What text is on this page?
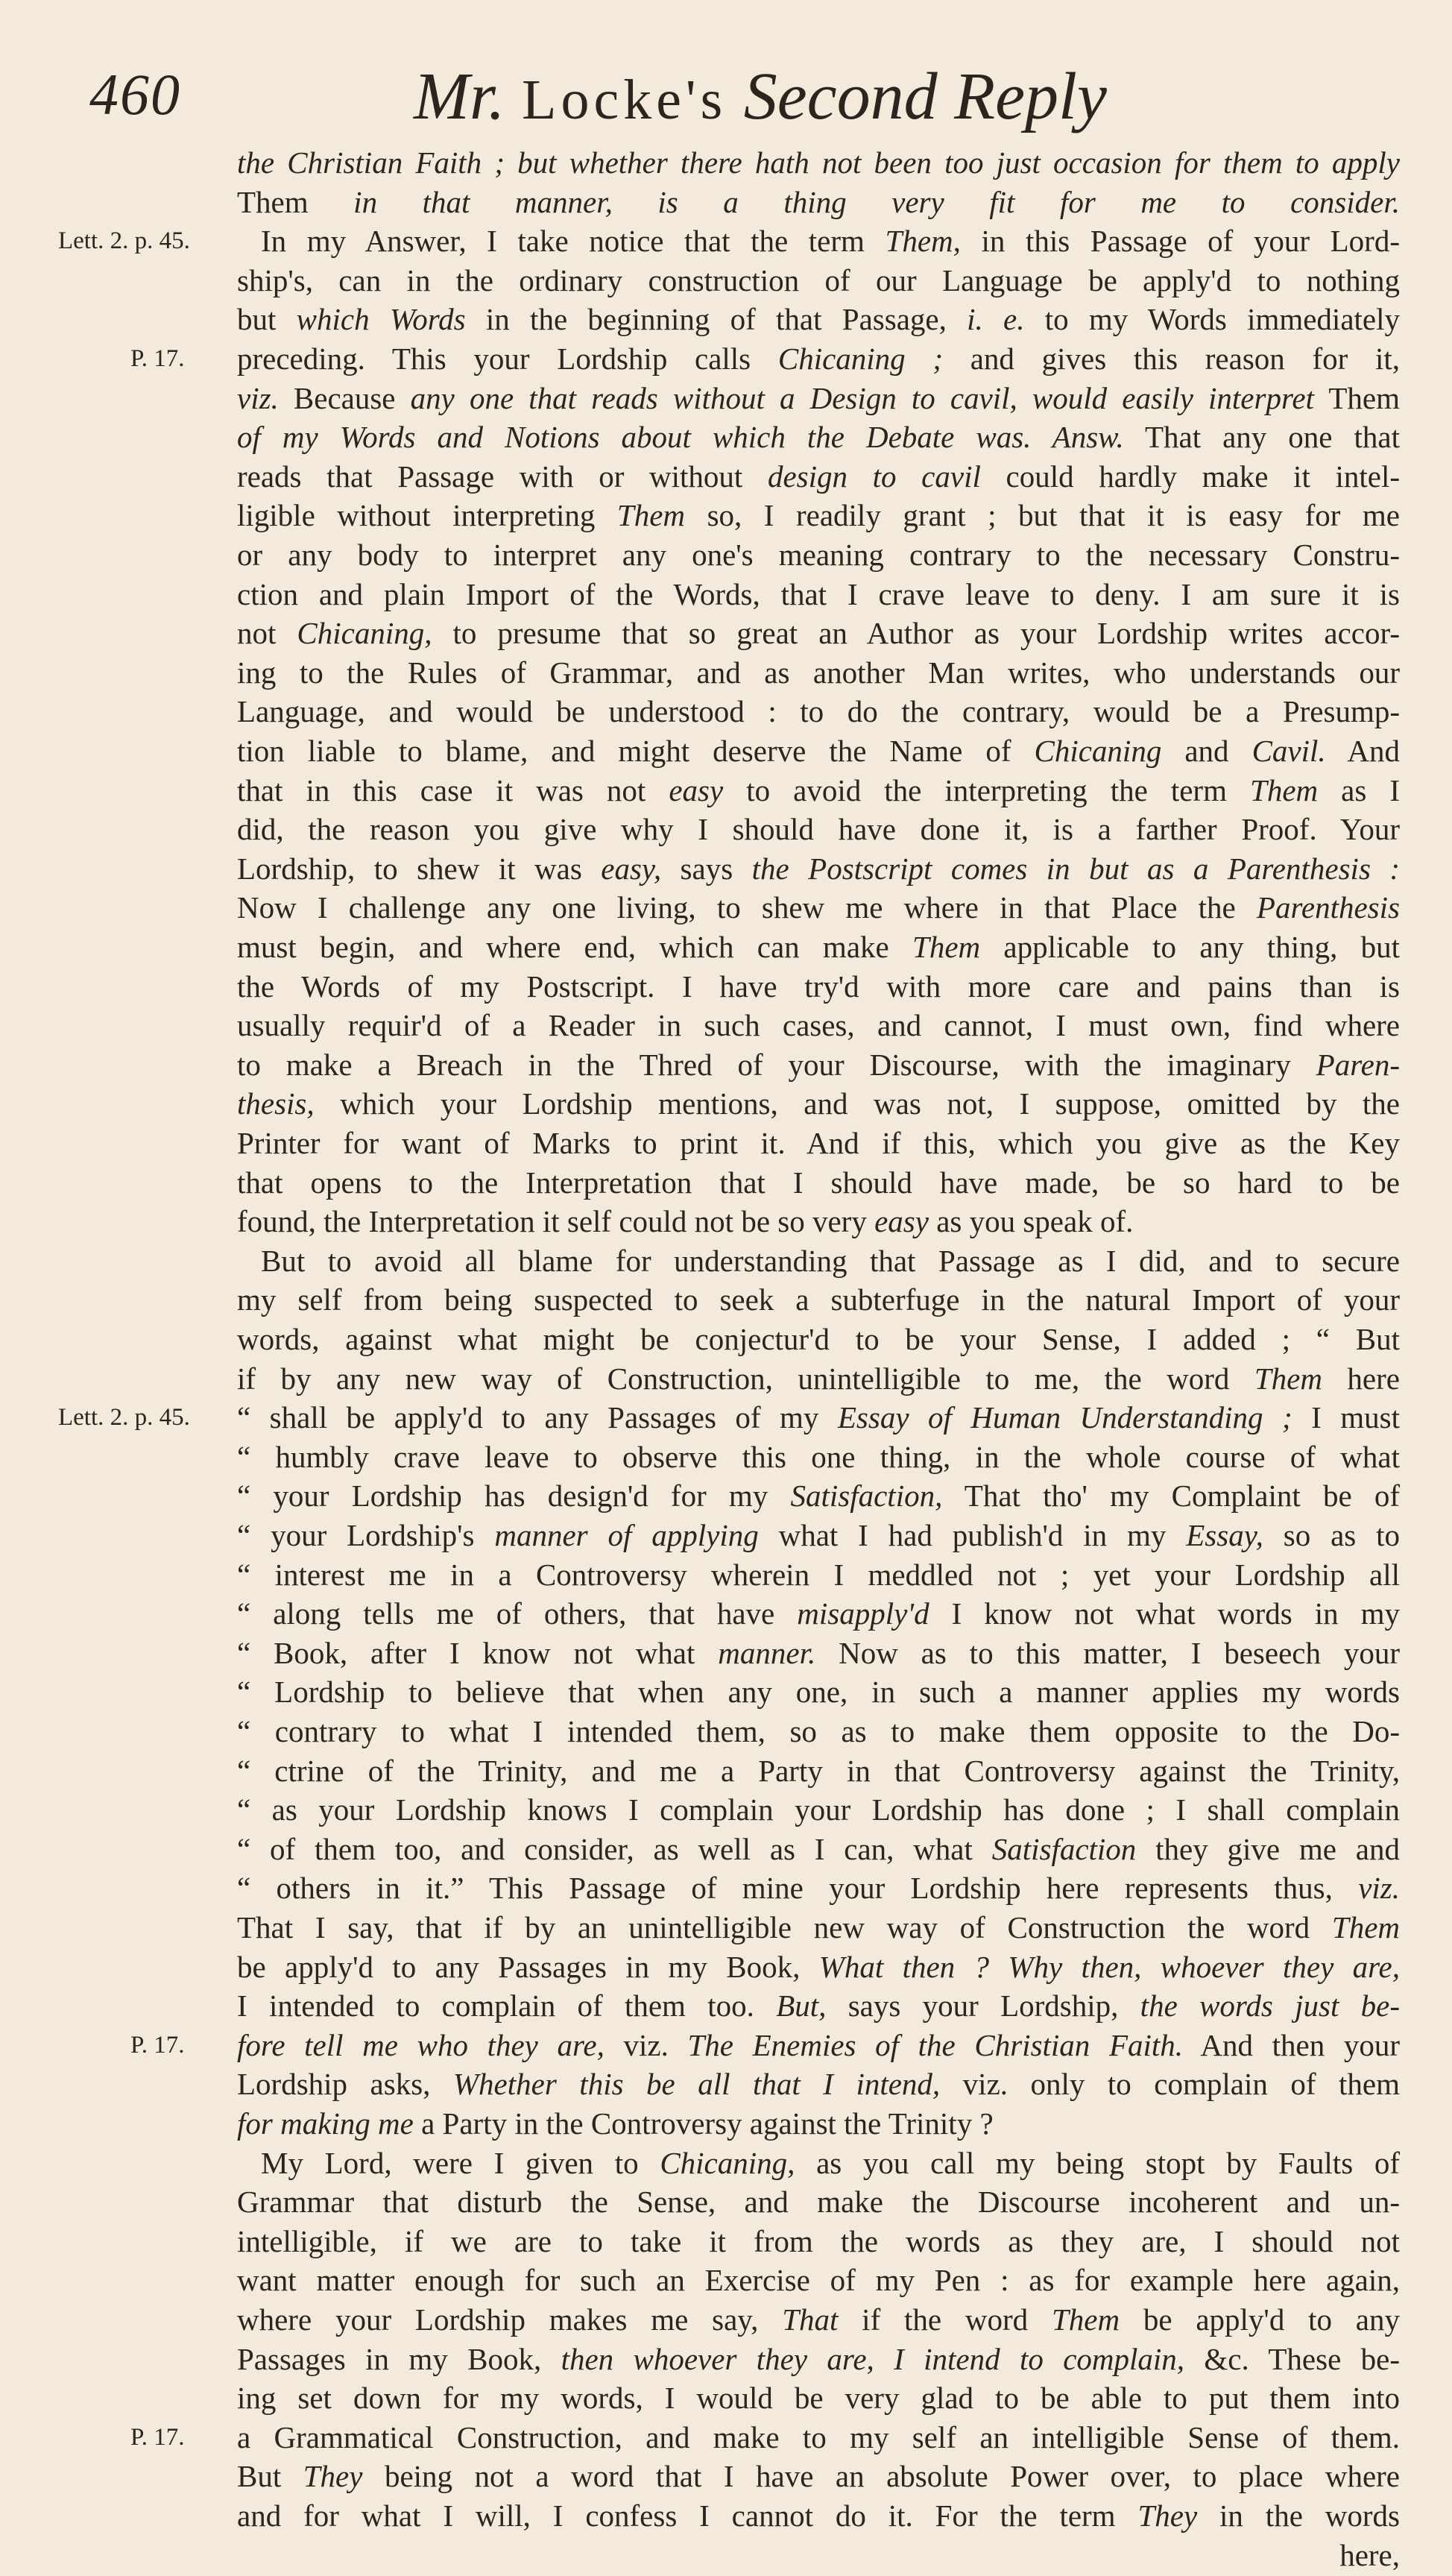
460	Mr. Locke's Second Reply
the Christian Faith ; but whether there hath not been too just occasion for them to apply
Them in that manner, is a thing very fit for me to consider.
In my Answer, I take notice that the term Them, in this Passage of your Lord-
ship's, can in the ordinary construction of our Language be apply'd to nothing
but which Words in the beginning of that Passage, i. e. to my Words immediately
preceding. This your Lordship calls Chicaning ; and gives this reason for it,
viz. Because any one that reads without a Design to cavil, would easily interpret Them
of my Words and Notions about which the Debate was. Answ. That any one that
reads that Passage with or without design to cavil could hardly make it intel-
ligible without interpreting Them so, I readily grant ; but that it is easy for me
or any body to interpret any one's meaning contrary to the necessary Constru-
ction and plain Import of the Words, that I crave leave to deny. I am sure it is
not Chicaning, to presume that so great an Author as your Lordship writes accor-
ing to the Rules of Grammar, and as another Man writes, who understands our
Language, and would be understood : to do the contrary, would be a Presump-
tion liable to blame, and might deserve the Name of Chicaning and Cavil. And
that in this case it was not easy to avoid the interpreting the term Them as I
did, the reason you give why I should have done it, is a farther Proof. Your
Lordship, to shew it was easy, says the Postscript comes in but as a Parenthesis :
Now I challenge any one living, to shew me where in that Place the Parenthesis
must begin, and where end, which can make Them applicable to any thing, but
the Words of my Postscript. I have try'd with more care and pains than is
usually requir'd of a Reader in such cases, and cannot, I must own, find where
to make a Breach in the Thred of your Discourse, with the imaginary Paren-
thesis, which your Lordship mentions, and was not, I suppose, omitted by the
Printer for want of Marks to print it. And if this, which you give as the Key
that opens to the Interpretation that I should have made, be so hard to be
found, the Interpretation it self could not be so very easy as you speak of.
But to avoid all blame for understanding that Passage as I did, and to secure
my self from being suspected to seek a subterfuge in the natural Import of your
words, against what might be conjectur'd to be your Sense, I added ; “ But
if by any new way of Construction, unintelligible to me, the word Them here
“ shall be apply'd to any Passages of my Essay of Human Understanding ; I must
“ humbly crave leave to observe this one thing, in the whole course of what
“ your Lordship has design'd for my Satisfaction, That tho' my Complaint be of
“ your Lordship's manner of applying what I had publish'd in my Essay, so as to
“ interest me in a Controversy wherein I meddled not ; yet your Lordship all
“ along tells me of others, that have misapply'd I know not what words in my
“ Book, after I know not what manner. Now as to this matter, I beseech your
“ Lordship to believe that when any one, in such a manner applies my words
“ contrary to what I intended them, so as to make them opposite to the Do-
“ ctrine of the Trinity, and me a Party in that Controversy against the Trinity,
“ as your Lordship knows I complain your Lordship has done ; I shall complain
“ of them too, and consider, as well as I can, what Satisfaction they give me and
“ others in it.” This Passage of mine your Lordship here represents thus, viz.
That I say, that if by an unintelligible new way of Construction the word Them
be apply'd to any Passages in my Book, What then ? Why then, whoever they are,
I intended to complain of them too. But, says your Lordship, the words just be-
fore tell me who they are, viz. The Enemies of the Christian Faith. And then your
Lordship asks, Whether this be all that I intend, viz. only to complain of them
for making me a Party in the Controversy against the Trinity ?
My Lord, were I given to Chicaning, as you call my being stopt by Faults of
Grammar that disturb the Sense, and make the Discourse incoherent and un-
intelligible, if we are to take it from the words as they are, I should not
want matter enough for such an Exercise of my Pen : as for example here again,
where your Lordship makes me say, That if the word Them be apply'd to any
Passages in my Book, then whoever they are, I intend to complain, &c. These be-
ing set down for my words, I would be very glad to be able to put them into
a Grammatical Construction, and make to my self an intelligible Sense of them.
But They being not a word that I have an absolute Power over, to place where
and for what I will, I confess I cannot do it. For the term They in the words
here,
Lett. 2. p. 45.
P. 17.
Lett. 2. p. 45.
P. 17.
P. 17.
